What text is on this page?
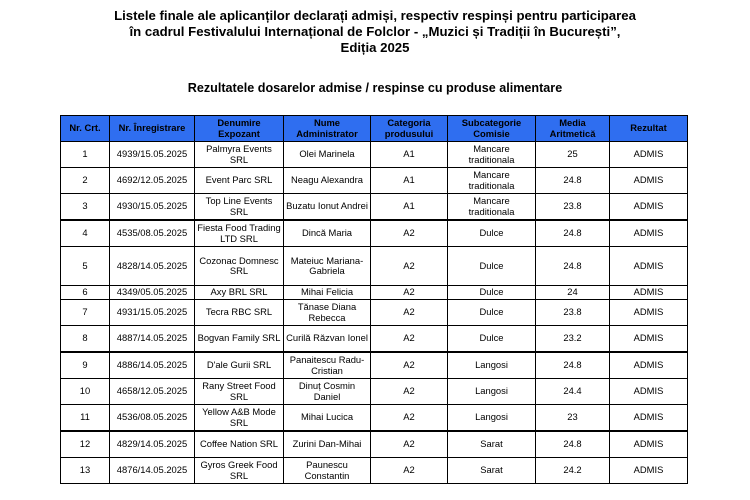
Listele finale ale aplicanților declarați admiși, respectiv respinși pentru participarea
în cadrul Festivalului Internațional de Folclor - „Muzici și Tradiții în București”,
Ediția 2025
Rezultatele dosarelor admise / respinse cu produse alimentare
Nr. Crt.	Nr. Înregistrare	Denumire Expozant	Nume Administrator	Categoria produsului	Subcategorie Comisie	Media Aritmetică	Rezultat
1	4939/15.05.2025	Palmyra Events SRL	Olei Marinela	A1	Mancare traditionala	25	ADMIS
2	4692/12.05.2025	Event Parc SRL	Neagu Alexandra	A1	Mancare traditionala	24.8	ADMIS
3	4930/15.05.2025	Top Line Events SRL	Buzatu Ionut Andrei	A1	Mancare traditionala	23.8	ADMIS
4	4535/08.05.2025	Fiesta Food Trading LTD SRL	Dincă Maria	A2	Dulce	24.8	ADMIS
5	4828/14.05.2025	Cozonac Domnesc SRL	Mateiuc Mariana-Gabriela	A2	Dulce	24.8	ADMIS
6	4349/05.05.2025	Axy BRL SRL	Mihai Felicia	A2	Dulce	24	ADMIS
7	4931/15.05.2025	Tecra RBC SRL	Tănase Diana Rebecca	A2	Dulce	23.8	ADMIS
8	4887/14.05.2025	Bogvan Family SRL	Curilă Răzvan Ionel	A2	Dulce	23.2	ADMIS
9	4886/14.05.2025	D'ale Gurii SRL	Panaitescu Radu-Cristian	A2	Langosi	24.8	ADMIS
10	4658/12.05.2025	Rany Street Food SRL	Dinuț Cosmin Daniel	A2	Langosi	24.4	ADMIS
11	4536/08.05.2025	Yellow A&B Mode SRL	Mihai Lucica	A2	Langosi	23	ADMIS
12	4829/14.05.2025	Coffee Nation SRL	Zurini Dan-Mihai	A2	Sarat	24.8	ADMIS
13	4876/14.05.2025	Gyros Greek Food SRL	Paunescu Constantin	A2	Sarat	24.2	ADMIS
